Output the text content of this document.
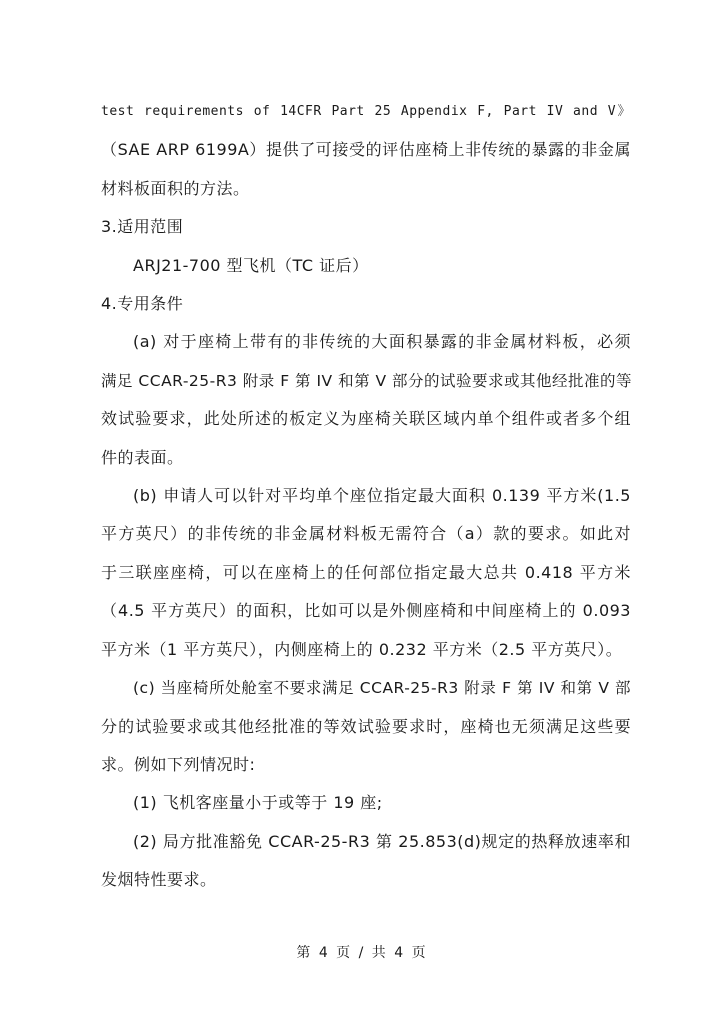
test requirements of 14CFR Part 25 Appendix F, Part IV and V》
（SAE ARP 6199A）提供了可接受的评估座椅上非传统的暴露的非金属
材料板面积的方法。
3.适用范围
ARJ21-700 型飞机（TC 证后）
4.专用条件
(a) 对于座椅上带有的非传统的大面积暴露的非金属材料板，必须
满足 CCAR-25-R3 附录 F 第 IV 和第 V 部分的试验要求或其他经批准的等
效试验要求，此处所述的板定义为座椅关联区域内单个组件或者多个组
件的表面。
(b) 申请人可以针对平均单个座位指定最大面积 0.139 平方米(1.5
平方英尺）的非传统的非金属材料板无需符合（a）款的要求。如此对
于三联座座椅，可以在座椅上的任何部位指定最大总共 0.418 平方米
（4.5 平方英尺）的面积，比如可以是外侧座椅和中间座椅上的 0.093
平方米（1 平方英尺），内侧座椅上的 0.232 平方米（2.5 平方英尺）。
(c) 当座椅所处舱室不要求满足 CCAR-25-R3 附录 F 第 IV 和第 V 部
分的试验要求或其他经批准的等效试验要求时，座椅也无须满足这些要
求。例如下列情况时:
(1) 飞机客座量小于或等于 19 座;
(2) 局方批准豁免 CCAR-25-R3 第 25.853(d)规定的热释放速率和
发烟特性要求。
第 4 页 / 共 4 页
